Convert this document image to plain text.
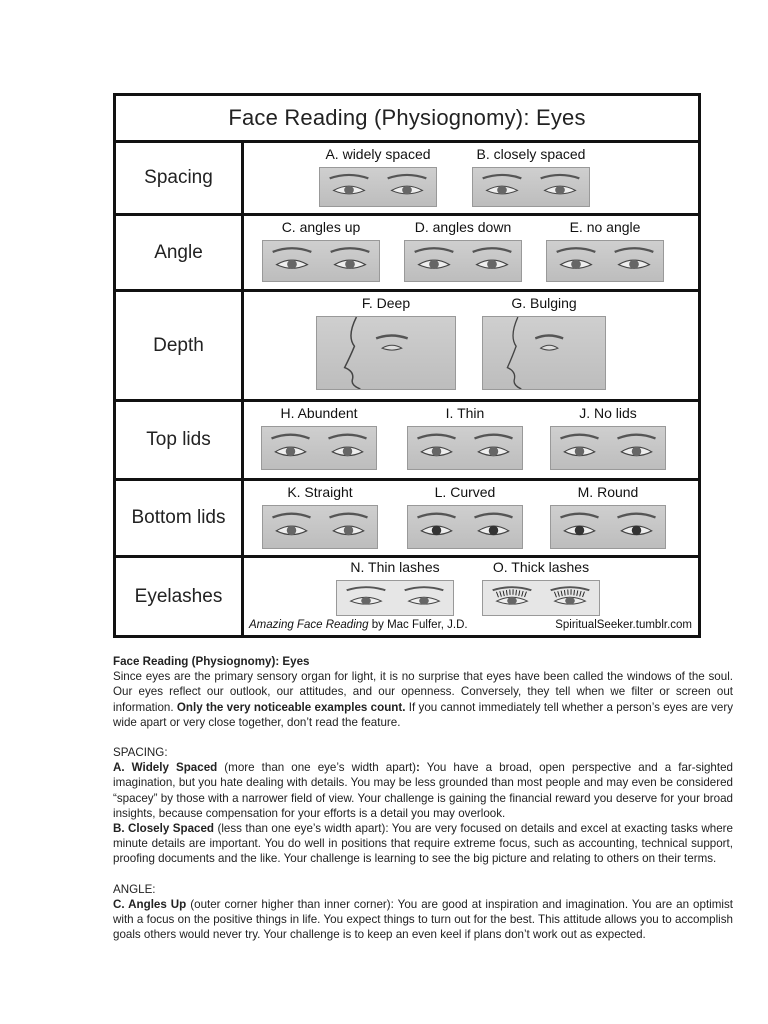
Face Reading (Physiognomy): Eyes
Spacing
A. widely spaced	B. closely spaced
Angle
C. angles up	D. angles down	E. no angle
Depth
F. Deep	G. Bulging
Top lids
H. Abundent	I. Thin	J. No lids
Bottom lids
K. Straight	L. Curved	M. Round
Eyelashes
N. Thin lashes	O. Thick lashes
Amazing Face Reading by Mac Fulfer, J.D.	SpiritualSeeker.tumblr.com

Face Reading (Physiognomy): Eyes

Since eyes are the primary sensory organ for light, it is no surprise that eyes have been called the windows of the soul. Our eyes reflect our outlook, our attitudes, and our openness. Conversely, they tell when we filter or screen out information. Only the very noticeable examples count. If you cannot immediately tell whether a person’s eyes are very wide apart or very close together, don’t read the feature.

SPACING:

A. Widely Spaced (more than one eye’s width apart): You have a broad, open perspective and a far-sighted imagination, but you hate dealing with details. You may be less grounded than most people and may even be considered “spacey” by those with a narrower field of view. Your challenge is gaining the financial reward you deserve for your broad insights, because compensation for your efforts is a detail you may overlook.

B. Closely Spaced (less than one eye’s width apart): You are very focused on details and excel at exacting tasks where minute details are important. You do well in positions that require extreme focus, such as accounting, technical support, proofing documents and the like. Your challenge is learning to see the big picture and relating to others on their terms.

ANGLE:

C. Angles Up (outer corner higher than inner corner): You are good at inspiration and imagination. You are an optimist with a focus on the positive things in life. You expect things to turn out for the best. This attitude allows you to accomplish goals others would never try. Your challenge is to keep an even keel if plans don’t work out as expected.
